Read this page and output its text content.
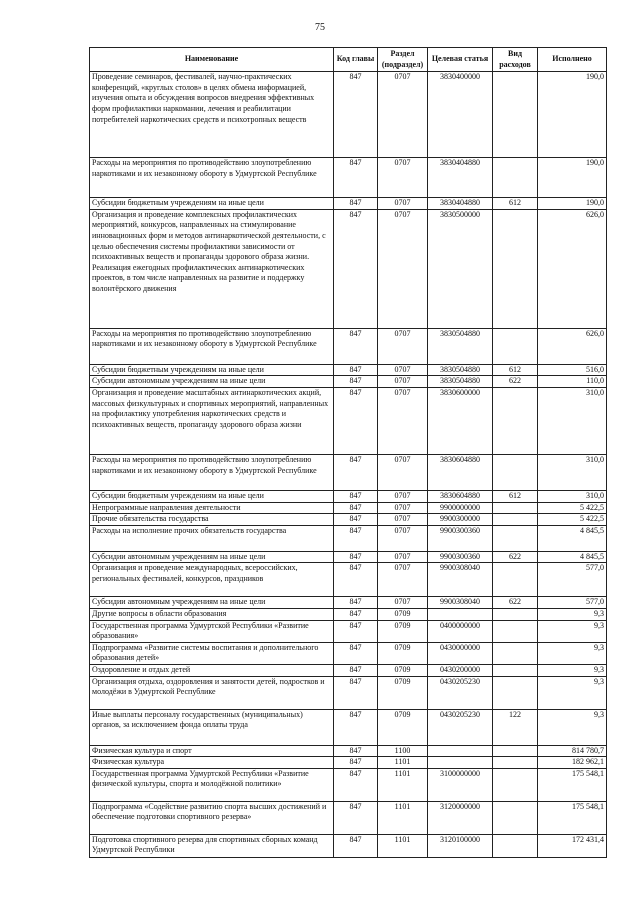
75
Наименование	Код главы	Раздел (подраздел)	Целевая статья	Вид расходов	Исполнено
Проведение семинаров, фестивалей, научно-практических конференций, «круглых столов» в целях обмена информацией, изучения опыта и обсуждения вопросов внедрения эффективных форм профилактики наркомании, лечения и реабилитации потребителей наркотических средств и психотропных веществ	847	0707	3830400000		190,0
Расходы на мероприятия по противодействию злоупотреблению наркотиками и их незаконному обороту в Удмуртской Республике	847	0707	3830404880		190,0
Субсидии бюджетным учреждениям на иные цели	847	0707	3830404880	612	190,0
Организация и проведение комплексных профилактических мероприятий, конкурсов, направленных на стимулирование инновационных форм и методов антинаркотической деятельности, с целью обеспечения системы профилактики зависимости от психоактивных веществ и пропаганды здорового образа жизни. Реализация ежегодных профилактических антинаркотических проектов, в том числе направленных на развитие и поддержку волонтёрского движения	847	0707	3830500000		626,0
Расходы на мероприятия по противодействию злоупотреблению наркотиками и их незаконному обороту в Удмуртской Республике	847	0707	3830504880		626,0
Субсидии бюджетным учреждениям на иные цели	847	0707	3830504880	612	516,0
Субсидии автономным учреждениям на иные цели	847	0707	3830504880	622	110,0
Организация и проведение масштабных антинаркотических акций, массовых физкультурных и спортивных мероприятий, направленных на профилактику употребления наркотических средств и психоактивных веществ, пропаганду здорового образа жизни	847	0707	3830600000		310,0
Расходы на мероприятия по противодействию злоупотреблению наркотиками и их незаконному обороту в Удмуртской Республике	847	0707	3830604880		310,0
Субсидии бюджетным учреждениям на иные цели	847	0707	3830604880	612	310,0
Непрограммные направления деятельности	847	0707	9900000000		5 422,5
Прочие обязательства государства	847	0707	9900300000		5 422,5
Расходы на исполнение прочих обязательств государства	847	0707	9900300360		4 845,5
Субсидии автономным учреждениям на иные цели	847	0707	9900300360	622	4 845,5
Организация и проведение международных, всероссийских, региональных фестивалей, конкурсов, праздников	847	0707	9900308040		577,0
Субсидии автономным учреждениям на иные цели	847	0707	9900308040	622	577,0
Другие вопросы в области образования	847	0709			9,3
Государственная программа Удмуртской Республики «Развитие образования»	847	0709	0400000000		9,3
Подпрограмма «Развитие системы воспитания и дополнительного образования детей»	847	0709	0430000000		9,3
Оздоровление и отдых детей	847	0709	0430200000		9,3
Организация отдыха, оздоровления и занятости детей, подростков и молодёжи в Удмуртской Республике	847	0709	0430205230		9,3
Иные выплаты персоналу государственных (муниципальных) органов, за исключением фонда оплаты труда	847	0709	0430205230	122	9,3
Физическая культура и спорт	847	1100			814 780,7
Физическая культура	847	1101			182 962,1
Государственная программа Удмуртской Республики «Развитие физической культуры, спорта и молодёжной политики»	847	1101	3100000000		175 548,1
Подпрограмма «Содействие развитию спорта высших достижений и обеспечение подготовки спортивного резерва»	847	1101	3120000000		175 548,1
Подготовка спортивного резерва для спортивных сборных команд Удмуртской Республики	847	1101	3120100000		172 431,4
